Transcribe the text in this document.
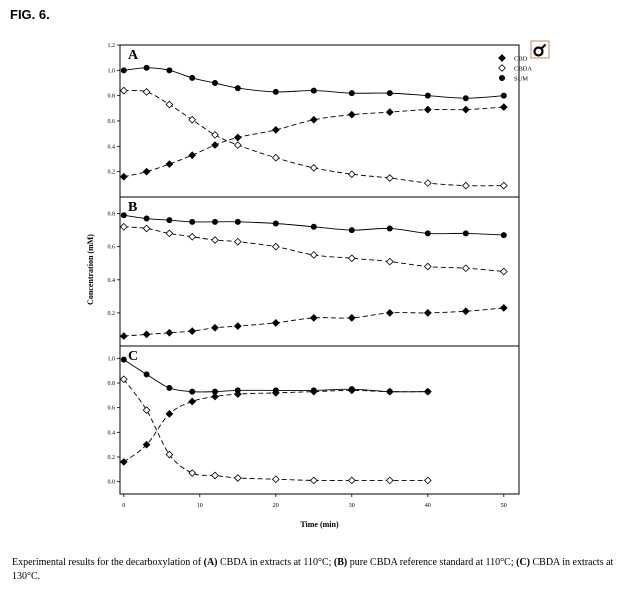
FIG. 6.
A
1.2
1.0
0.8
0.6
0.4
0.2
B
0.8
0.6
0.4
0.2
C
1.0
0.8
0.6
0.4
0.2
0.0
0	10	20	30	40	50
Time (min)
Concentration (mM)
CBD
CBDA
SUM
Experimental results for the decarboxylation of (A) CBDA in extracts at 110°C; (B) pure CBDA reference standard at 110°C; (C) CBDA in extracts at 130°C.
